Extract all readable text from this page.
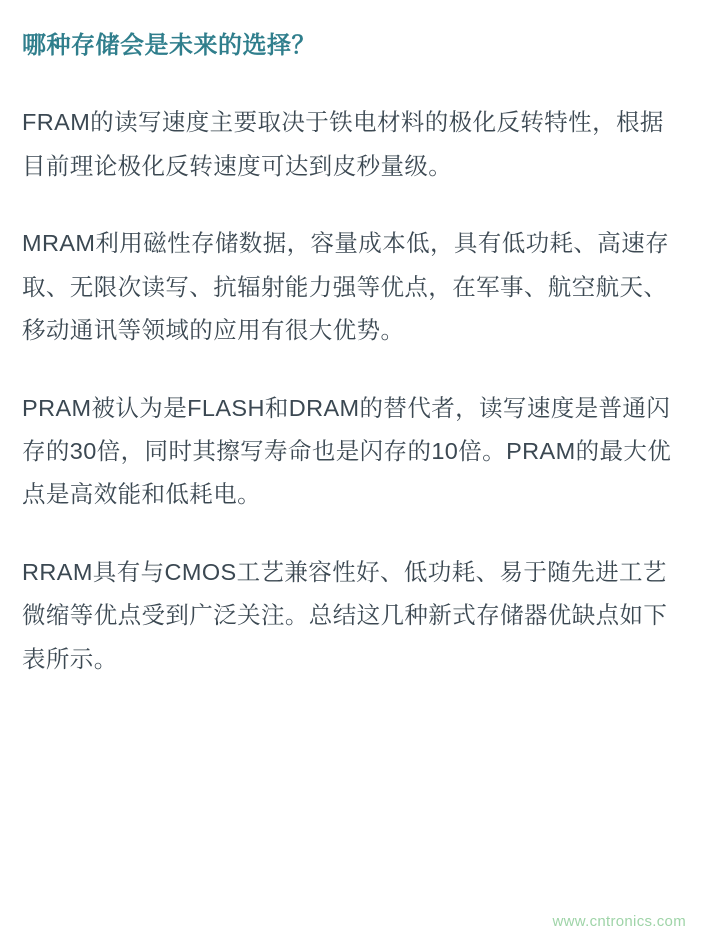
哪种存储会是未来的选择？

FRAM的读写速度主要取决于铁电材料的极化反转特性，根据目前理论极化反转速度可达到皮秒量级。

MRAM利用磁性存储数据，容量成本低，具有低功耗、高速存取、无限次读写、抗辐射能力强等优点，在军事、航空航天、移动通讯等领域的应用有很大优势。

PRAM被认为是FLASH和DRAM的替代者，读写速度是普通闪存的30倍，同时其擦写寿命也是闪存的10倍。PRAM的最大优点是高效能和低耗电。

RRAM具有与CMOS工艺兼容性好、低功耗、易于随先进工艺微缩等优点受到广泛关注。总结这几种新式存储器优缺点如下表所示。

www.cntronics.com
